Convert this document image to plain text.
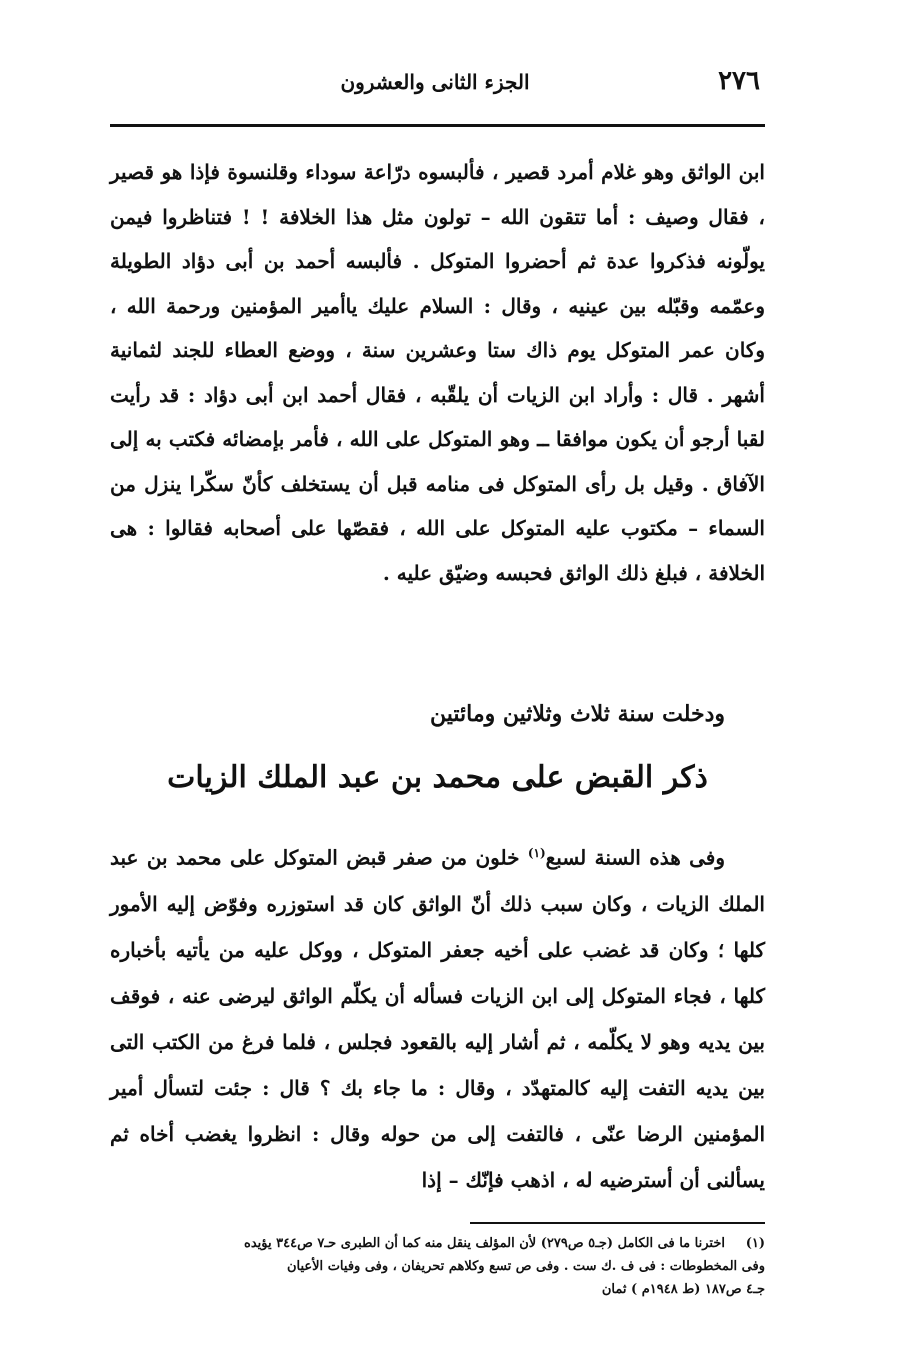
٢٧٦
الجزء الثانى والعشرون

ابن الواثق وهو غلام أمرد قصير ، فألبسوه درّاعة سوداء وقلنسوة فإذا هو قصير ، فقال وصيف : أما تتقون الله – تولون مثل هذا الخلافة ! ! فتناظروا فيمن يولّونه فذكروا عدة ثم أحضروا المتوكل . فألبسه أحمد بن أبى دؤاد الطويلة وعمّمه وقبّله بين عينيه ، وقال : السلام عليك ياأمير المؤمنين ورحمة الله ، وكان عمر المتوكل يوم ذاك ستا وعشرين سنة ، ووضع العطاء للجند لثمانية أشهر . قال : وأراد ابن الزيات أن يلقّبه ، فقال أحمد ابن أبى دؤاد : قد رأيت لقبا أرجو أن يكون موافقا ــ وهو المتوكل على الله ، فأمر بإمضائه فكتب به إلى الآفاق . وقيل بل رأى المتوكل فى منامه قبل أن يستخلف كأنّ سكّرا ينزل من السماء – مكتوب عليه المتوكل على الله ، فقصّها على أصحابه فقالوا : هى الخلافة ، فبلغ ذلك الواثق فحبسه وضيّق عليه .

ودخلت سنة ثلاث وثلاثين ومائتين
ذكر القبض على محمد بن عبد الملك الزيات

وفى هذه السنة لسبع$^{(١)}$ خلون من صفر قبض المتوكل على محمد بن عبد الملك الزيات ، وكان سبب ذلك أنّ الواثق كان قد استوزره وفوّض إليه الأمور كلها ؛ وكان قد غضب على أخيه جعفر المتوكل ، ووكل عليه من يأتيه بأخباره كلها ، فجاء المتوكل إلى ابن الزيات فسأله أن يكلّم الواثق ليرضى عنه ، فوقف بين يديه وهو لا يكلّمه ، ثم أشار إليه بالقعود فجلس ، فلما فرغ من الكتب التى بين يديه التفت إليه كالمتهدّد ، وقال : ما جاء بك ؟ قال : جئت لتسأل أمير المؤمنين الرضا عنّى ، فالتفت إلى من حوله وقال : انظروا يغضب أخاه ثم يسألنى أن أسترضيه له ، اذهب فإنّك – إذا

(١)اخترنا ما فى الكامل (جـ٥ ص٢٧٩) لأن المؤلف ينقل منه كما أن الطبرى حـ٧ ص٣٤٤ يؤيده

وفى المخطوطات : فى ف .ك ست . وفى ص تسع وكلاهم تحريفان ، وفى وفيات الأعيان

جـ٤ ص١٨٧ (ط ١٩٤٨م ) ثمان
